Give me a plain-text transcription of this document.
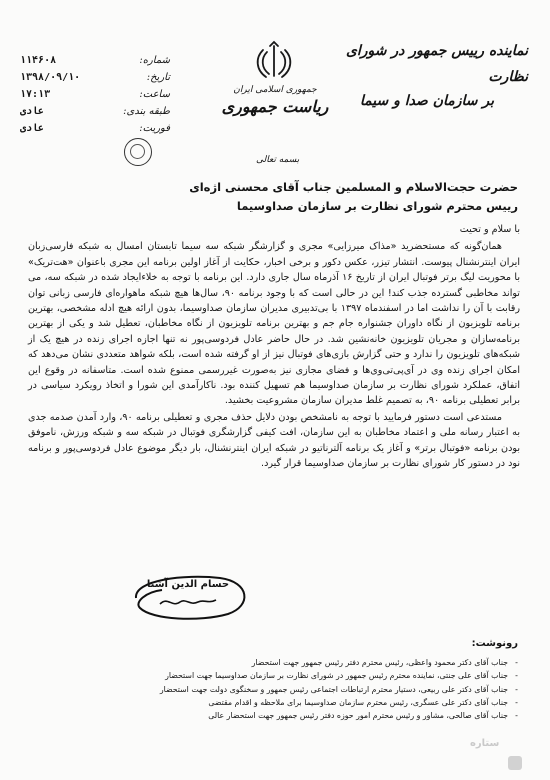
نماینده رییس جمهور در شورای نظارت
بر سازمان صدا و سیما
جمهوری اسلامی ایران
ریاست جمهوری
بسمه تعالی
شماره:
۱۱۴۶۰۸
تاریخ:
۱۳۹۸/۰۹/۱۰
ساعت:
۱۷:۱۳
طبقه بندی:
عادی
فوریت:
عادی
حضرت حجت‌الاسلام و المسلمین جناب آقای محسنی اژه‌ای
رییس محترم شورای نظارت بر سازمان صداوسیما

با سلام و تحیت

همان‌گونه که مستحضرید «مذاک میرزایی» مجری و گزارشگر شبکه سه سیما تابستان امسال به شبکه فارسی‌زبان ایران اینترنشنال پیوست. انتشار تیزر، عکس دکور و برخی اخبار، حکایت از آغاز اولین برنامه این مجری باعنوان «هت‌تریک» با محوریت لیگ برتر فوتبال ایران از تاریخ ۱۶ آذرماه سال جاری دارد. این برنامه با توجه به خلاءایجاد شده در شبکه سه، می تواند مخاطبی گسترده جذب کند! این در حالی است که با وجود برنامه ۹۰، سال‌ها هیچ شبکه ماهواره‌ای فارسی زبانی توان رقابت با آن را نداشت اما در اسفندماه ۱۳۹۷ با بی‌تدبیری مدیران سازمان صداوسیما، بدون ارائه هیچ ادله مشخصی، بهترین برنامه تلویزیون از نگاه داوران جشنواره جام جم و بهترین برنامه تلویزیون از نگاه مخاطبان، تعطیل شد و یکی از بهترین برنامه‌سازان و مجریان تلویزیون خانه‌نشین شد. در حال حاضر عادل فردوسی‌پور نه تنها اجازه اجرای زنده در هیچ یک از شبکه‌های تلویزیون را ندارد و حتی گزارش بازی‌های فوتبال نیز از او گرفته شده است، بلکه شواهد متعددی نشان می‌دهد که امکان اجرای زنده وی در آی‌پی‌تی‌وی‌ها و فضای مجازی نیز به‌صورت غیررسمی ممنوع شده است. متاسفانه در وقوع این اتفاق، عملکرد شورای نظارت بر سازمان صداوسیما هم تسهیل کننده بود. ناکارآمدی این شورا و اتخاذ رویکرد سیاسی در برابر تعطیلی برنامه ۹۰، به تصمیم غلط مدیران سازمان مشروعیت بخشید.

مستدعی است دستور فرمایید با توجه به نامشخص بودن دلایل حذف مجری و تعطیلی برنامه ۹۰، وارد آمدن صدمه جدی به اعتبار رسانه ملی و اعتماد مخاطبان به این سازمان، افت کیفی گزارشگری فوتبال در شبکه سه و شبکه ورزش، ناموفق بودن برنامه «فوتبال برتر» و آغاز یک برنامه آلترناتیو در شبکه ایران اینترنشنال، بار دیگر موضوع عادل فردوسی‌پور و برنامه نود در دستور کار شورای نظارت بر سازمان صداوسیما قرار گیرد.

حسام الدین آشنا
رونوشت:
- جناب آقای دکتر محمود واعظی، رئیس محترم دفتر رئیس جمهور جهت استحضار
- جناب آقای علی جنتی، نماینده محترم رئیس جمهور در شورای نظارت بر سازمان صداوسیما جهت استحضار
- جناب آقای دکتر علی ربیعی، دستیار محترم ارتباطات اجتماعی رئیس جمهور و سخنگوی دولت جهت استحضار
- جناب آقای دکتر علی عسگری، رئیس محترم سازمان صداوسیما برای ملاحظه و اقدام مقتضی
- جناب آقای صالحی، مشاور و رئیس محترم امور حوزه دفتر رئیس جمهور جهت استحضار عالی
ستاره
